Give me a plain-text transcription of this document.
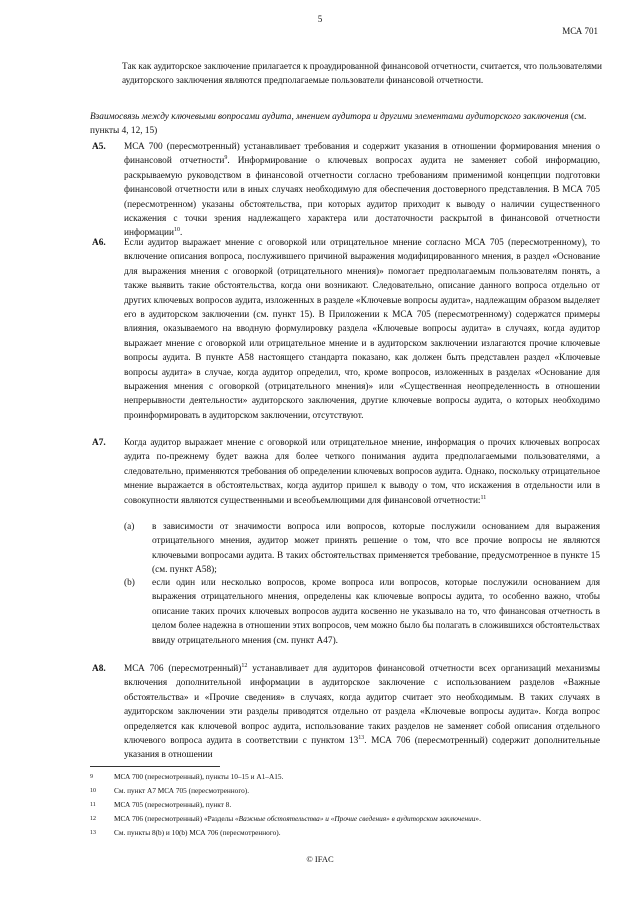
5
МСА 701
Так как аудиторское заключение прилагается к проаудированной финансовой отчетности, считается, что пользователями аудиторского заключения являются предполагаемые пользователи финансовой отчетности.
Взаимосвязь между ключевыми вопросами аудита, мнением аудитора и другими элементами аудиторского заключения (см. пункты 4, 12, 15)
A5. МСА 700 (пересмотренный) устанавливает требования и содержит указания в отношении формирования мнения о финансовой отчетности$^9$. Информирование о ключевых вопросах аудита не заменяет собой информацию, раскрываемую руководством в финансовой отчетности согласно требованиям применимой концепции подготовки финансовой отчетности или в иных случаях необходимую для обеспечения достоверного представления. В МСА 705 (пересмотренном) указаны обстоятельства, при которых аудитор приходит к выводу о наличии существенного искажения с точки зрения надлежащего характера или достаточности раскрытой в финансовой отчетности информации$^{10}$.
A6. Если аудитор выражает мнение с оговоркой или отрицательное мнение согласно МСА 705 (пересмотренному), то включение описания вопроса, послужившего причиной выражения модифицированного мнения, в раздел «Основание для выражения мнения с оговоркой (отрицательного мнения)» помогает предполагаемым пользователям понять, а также выявить такие обстоятельства, когда они возникают. Следовательно, описание данного вопроса отдельно от других ключевых вопросов аудита, изложенных в разделе «Ключевые вопросы аудита», надлежащим образом выделяет его в аудиторском заключении (см. пункт 15). В Приложении к МСА 705 (пересмотренному) содержатся примеры влияния, оказываемого на вводную формулировку раздела «Ключевые вопросы аудита» в случаях, когда аудитор выражает мнение с оговоркой или отрицательное мнение и в аудиторском заключении излагаются прочие ключевые вопросы аудита. В пункте А58 настоящего стандарта показано, как должен быть представлен раздел «Ключевые вопросы аудита» в случае, когда аудитор определил, что, кроме вопросов, изложенных в разделах «Основание для выражения мнения с оговоркой (отрицательного мнения)» или «Существенная неопределенность в отношении непрерывности деятельности» аудиторского заключения, другие ключевые вопросы аудита, о которых необходимо проинформировать в аудиторском заключении, отсутствуют.
A7. Когда аудитор выражает мнение с оговоркой или отрицательное мнение, информация о прочих ключевых вопросах аудита по-прежнему будет важна для более четкого понимания аудита предполагаемыми пользователями, а следовательно, применяются требования об определении ключевых вопросов аудита. Однако, поскольку отрицательное мнение выражается в обстоятельствах, когда аудитор пришел к выводу о том, что искажения в отдельности или в совокупности являются существенными и всеобъемлющими для финансовой отчетности:$^{11}$
(a) в зависимости от значимости вопроса или вопросов, которые послужили основанием для выражения отрицательного мнения, аудитор может принять решение о том, что все прочие вопросы не являются ключевыми вопросами аудита. В таких обстоятельствах применяется требование, предусмотренное в пункте 15 (см. пункт А58);
(b) если один или несколько вопросов, кроме вопроса или вопросов, которые послужили основанием для выражения отрицательного мнения, определены как ключевые вопросы аудита, то особенно важно, чтобы описание таких прочих ключевых вопросов аудита косвенно не указывало на то, что финансовая отчетность в целом более надежна в отношении этих вопросов, чем можно было бы полагать в сложившихся обстоятельствах ввиду отрицательного мнения (см. пункт А47).
A8. МСА 706 (пересмотренный)$^{12}$ устанавливает для аудиторов финансовой отчетности всех организаций механизмы включения дополнительной информации в аудиторское заключение с использованием разделов «Важные обстоятельства» и «Прочие сведения» в случаях, когда аудитор считает это необходимым. В таких случаях в аудиторском заключении эти разделы приводятся отдельно от раздела «Ключевые вопросы аудита». Когда вопрос определяется как ключевой вопрос аудита, использование таких разделов не заменяет собой описания отдельного ключевого вопроса аудита в соответствии с пунктом $13^{13}$. МСА 706 (пересмотренный) содержит дополнительные указания в отношении
9	МСА 700 (пересмотренный), пункты 10–15 и А1–А15.
10 См. пункт А7 МСА 705 (пересмотренного).
11 МСА 705 (пересмотренный), пункт 8.
12 МСА 706 (пересмотренный) «Разделы «Важные обстоятельства» и «Прочие сведения» в аудиторском заключении».
13 См. пункты 8(b) и 10(b) МСА 706 (пересмотренного).
© IFAC
